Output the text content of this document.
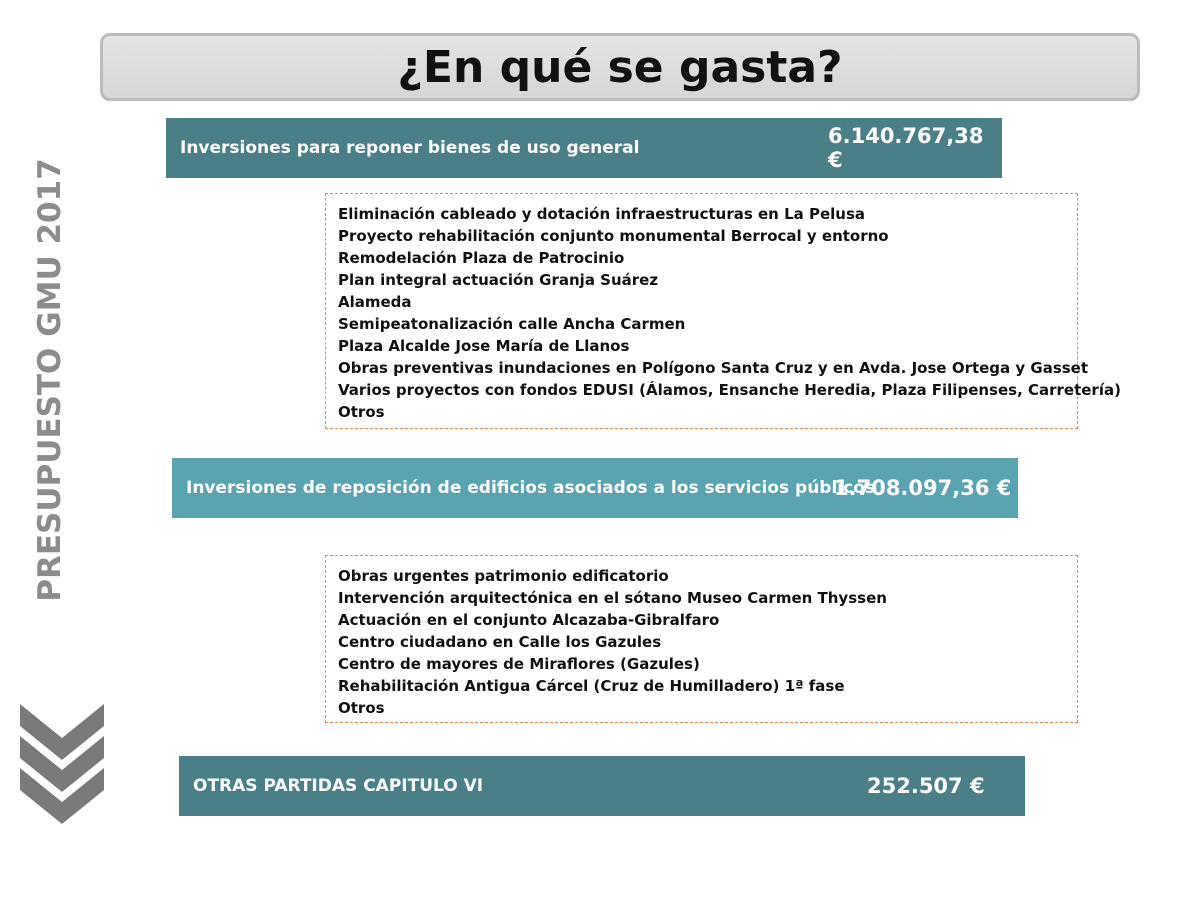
¿En qué se gasta?
PRESUPUESTO GMU 2017
Inversiones para reponer bienes de uso general	6.140.767,38 €
Eliminación cableado y dotación infraestructuras en La Pelusa
Proyecto rehabilitación conjunto monumental Berrocal y entorno
Remodelación Plaza de Patrocinio
Plan integral actuación Granja Suárez
Alameda
Semipeatonalización calle Ancha Carmen
Plaza Alcalde Jose María de Llanos
Obras preventivas inundaciones en Polígono Santa Cruz y en Avda. Jose Ortega y Gasset
Varios proyectos con fondos EDUSI (Álamos, Ensanche Heredia, Plaza Filipenses, Carretería)
Otros
Inversiones de reposición de edificios asociados a los servicios públicos
1.708.097,36 €
Obras urgentes patrimonio edificatorio
Intervención arquitectónica en el sótano Museo Carmen Thyssen
Actuación en el conjunto Alcazaba-Gibralfaro
Centro ciudadano en Calle los Gazules
Centro de mayores de Miraflores (Gazules)
Rehabilitación Antigua Cárcel (Cruz de Humilladero) 1ª fase
Otros
OTRAS PARTIDAS CAPITULO VI	252.507 €
